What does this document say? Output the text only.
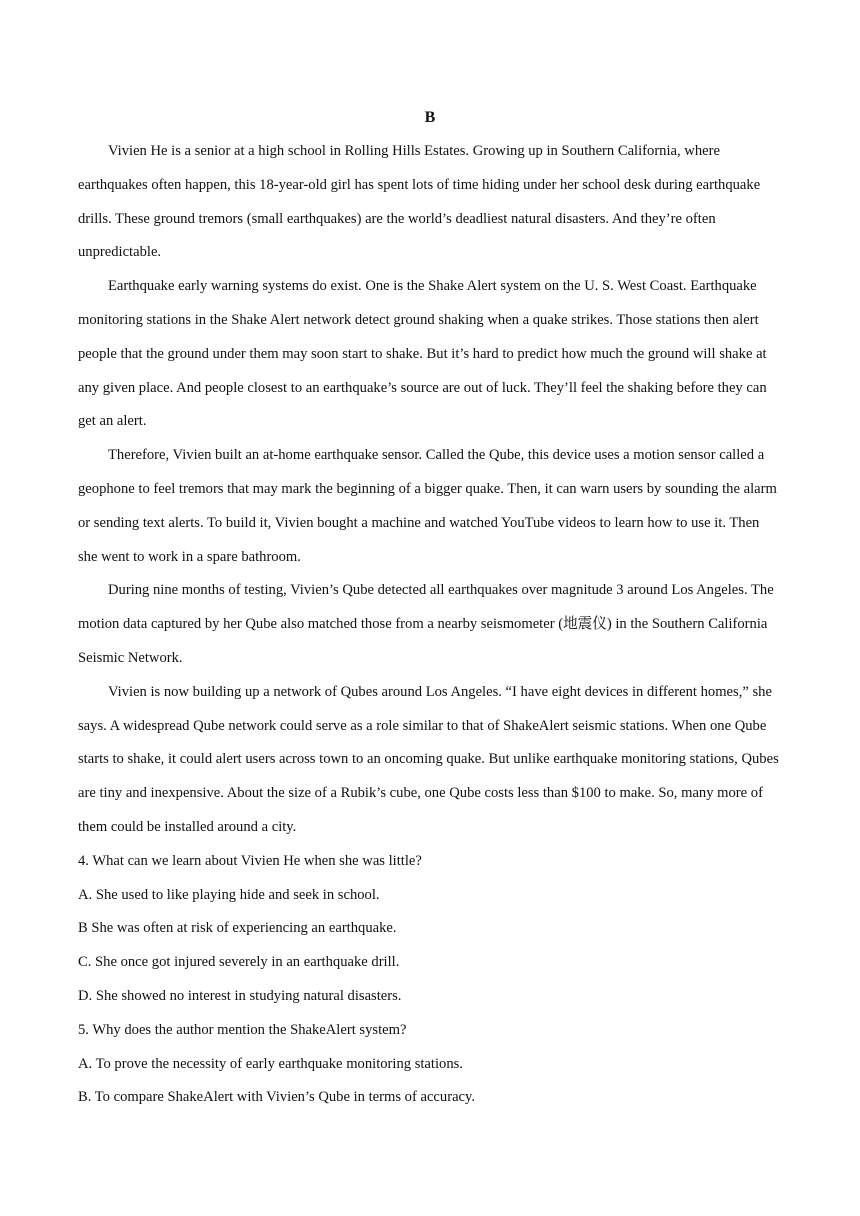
B

Vivien He is a senior at a high school in Rolling Hills Estates. Growing up in Southern California, where earthquakes often happen, this 18-year-old girl has spent lots of time hiding under her school desk during earthquake drills. These ground tremors (small earthquakes) are the world’s deadliest natural disasters. And they’re often unpredictable.

Earthquake early warning systems do exist. One is the Shake Alert system on the U. S. West Coast. Earthquake monitoring stations in the Shake Alert network detect ground shaking when a quake strikes. Those stations then alert people that the ground under them may soon start to shake. But it’s hard to predict how much the ground will shake at any given place. And people closest to an earthquake’s source are out of luck. They’ll feel the shaking before they can get an alert.

Therefore, Vivien built an at-home earthquake sensor. Called the Qube, this device uses a motion sensor called a geophone to feel tremors that may mark the beginning of a bigger quake. Then, it can warn users by sounding the alarm or sending text alerts. To build it, Vivien bought a machine and watched YouTube videos to learn how to use it. Then she went to work in a spare bathroom.

During nine months of testing, Vivien’s Qube detected all earthquakes over magnitude 3 around Los Angeles. The motion data captured by her Qube also matched those from a nearby seismometer (地震仪) in the Southern California Seismic Network.

Vivien is now building up a network of Qubes around Los Angeles. “I have eight devices in different homes,” she says. A widespread Qube network could serve as a role similar to that of ShakeAlert seismic stations. When one Qube starts to shake, it could alert users across town to an oncoming quake. But unlike earthquake monitoring stations, Qubes are tiny and inexpensive. About the size of a Rubik’s cube, one Qube costs less than $100 to make. So, many more of them could be installed around a city.

4. What can we learn about Vivien He when she was little?

A. She used to like playing hide and seek in school.

B She was often at risk of experiencing an earthquake.

C. She once got injured severely in an earthquake drill.

D. She showed no interest in studying natural disasters.

5. Why does the author mention the ShakeAlert system?

A. To prove the necessity of early earthquake monitoring stations.

B. To compare ShakeAlert with Vivien’s Qube in terms of accuracy.
